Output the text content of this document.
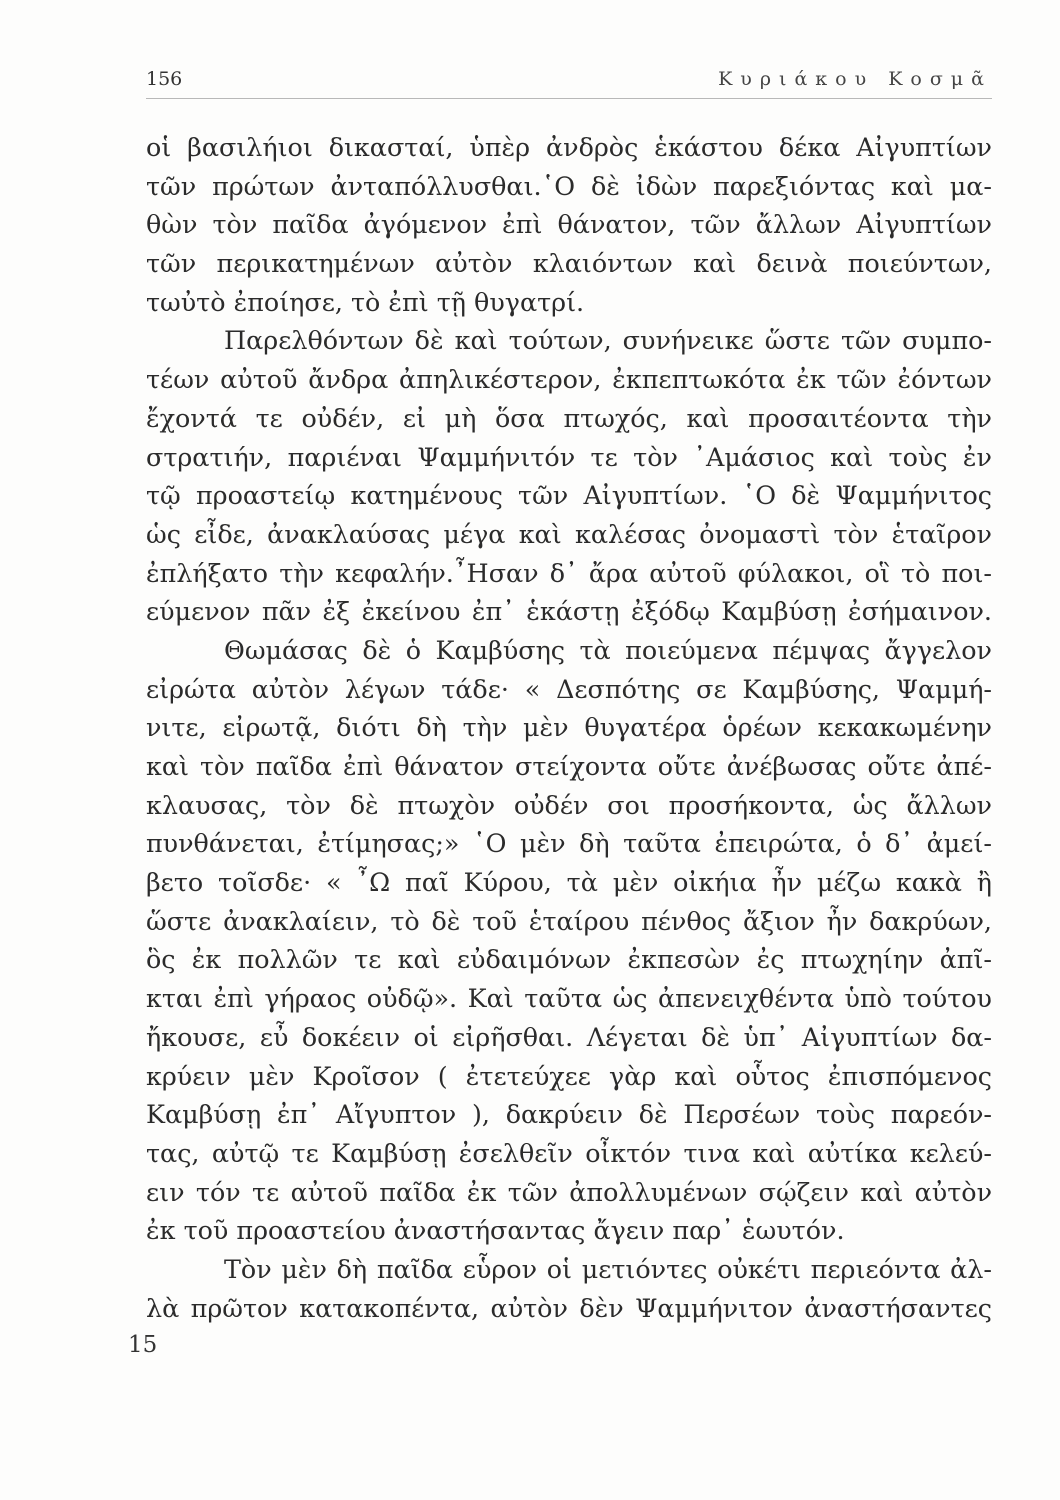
156	Κυριάκου Κοσμᾶ
15
οἱ βασιλήιοι δικασταί, ὑπὲρ ἀνδρὸς ἑκάστου δέκα Αἰγυπτίων
τῶν πρώτων ἀνταπόλλυσθαι.῾Ο δὲ ἰδὼν παρεξιόντας καὶ μα-
θὼν τὸν παῖδα ἀγόμενον ἐπὶ θάνατον, τῶν ἄλλων Αἰγυπτίων
τῶν περικατημένων αὐτὸν κλαιόντων καὶ δεινὰ ποιεύντων,
τωὐτὸ ἐποίησε, τὸ ἐπὶ τῇ θυγατρί.
Παρελθόντων δὲ καὶ τούτων, συνήνεικε ὥστε τῶν συμπο-
τέων αὐτοῦ ἄνδρα ἀπηλικέστερον, ἐκπεπτωκότα ἐκ τῶν ἐόντων
ἔχοντά τε οὐδέν, εἰ μὴ ὅσα πτωχός, καὶ προσαιτέοντα τὴν
στρατιήν, παριέναι Ψαμμήνιτόν τε τὸν ᾿Αμάσιος καὶ τοὺς ἐν
τῷ προαστείῳ κατημένους τῶν Αἰγυπτίων. ῾Ο δὲ Ψαμμήνιτος
ὡς εἶδε, ἀνακλαύσας μέγα καὶ καλέσας ὀνομαστὶ τὸν ἑταῖρον
ἐπλήξατο τὴν κεφαλήν.῏Ησαν δ᾿ ἄρα αὐτοῦ φύλακοι, οἳ τὸ ποι-
εύμενον πᾶν ἐξ ἐκείνου ἐπ᾿ ἑκάστῃ ἐξόδῳ Καμβύσῃ ἐσήμαινον.
Θωμάσας δὲ ὁ Καμβύσης τὰ ποιεύμενα πέμψας ἄγγελον
εἰρώτα αὐτὸν λέγων τάδε· « Δεσπότης σε Καμβύσης, Ψαμμή-
νιτε, εἰρωτᾷ, διότι δὴ τὴν μὲν θυγατέρα ὁρέων κεκακωμένην
καὶ τὸν παῖδα ἐπὶ θάνατον στείχοντα οὔτε ἀνέβωσας οὔτε ἀπέ-
κλαυσας, τὸν δὲ πτωχὸν οὐδέν σοι προσήκοντα, ὡς ἄλλων
πυνθάνεται, ἐτίμησας;» ῾Ο μὲν δὴ ταῦτα ἐπειρώτα, ὁ δ᾿ ἀμεί-
βετο τοῖσδε· « ῏Ω παῖ Κύρου, τὰ μὲν οἰκήια ἦν μέζω κακὰ ἢ
ὥστε ἀνακλαίειν, τὸ δὲ τοῦ ἑταίρου πένθος ἄξιον ἦν δακρύων,
ὃς ἐκ πολλῶν τε καὶ εὐδαιμόνων ἐκπεσὼν ἐς πτωχηίην ἀπῖ-
κται ἐπὶ γήραος οὐδῷ». Καὶ ταῦτα ὡς ἀπενειχθέντα ὑπὸ τούτου
ἤκουσε, εὖ δοκέειν οἱ εἰρῆσθαι. Λέγεται δὲ ὑπ᾿ Αἰγυπτίων δα-
κρύειν μὲν Κροῖσον ( ἐτετεύχεε γὰρ καὶ οὗτος ἐπισπόμενος
Καμβύσῃ ἐπ᾿ Αἴγυπτον ), δακρύειν δὲ Περσέων τοὺς παρεόν-
τας, αὐτῷ τε Καμβύσῃ ἐσελθεῖν οἶκτόν τινα καὶ αὐτίκα κελεύ-
ειν τόν τε αὐτοῦ παῖδα ἐκ τῶν ἀπολλυμένων σῴζειν καὶ αὐτὸν
ἐκ τοῦ προαστείου ἀναστήσαντας ἄγειν παρ᾿ ἑωυτόν.
Τὸν μὲν δὴ παῖδα εὗρον οἱ μετιόντες οὐκέτι περιεόντα ἀλ-
λὰ πρῶτον κατακοπέντα, αὐτὸν δὲν Ψαμμήνιτον ἀναστήσαντες
